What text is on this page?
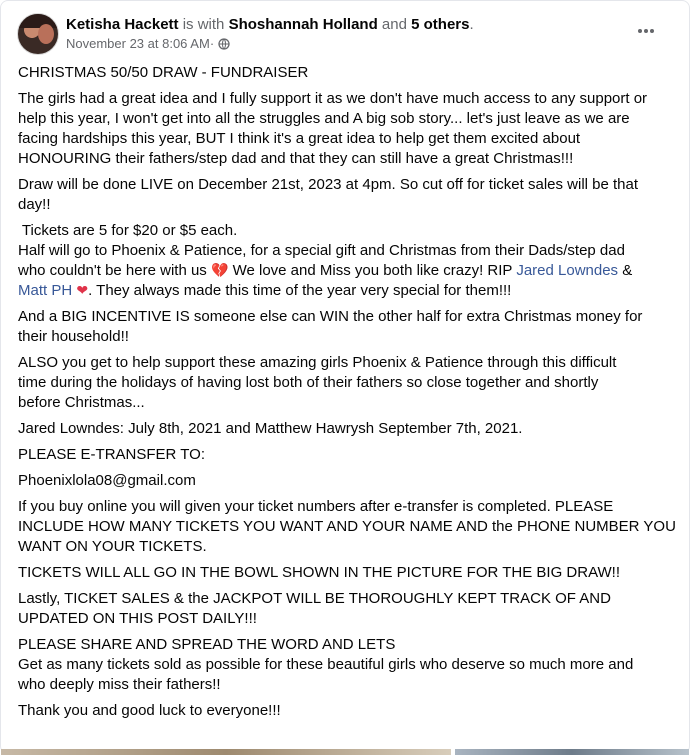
Ketisha Hackett is with Shoshannah Holland and 5 others.
November 23 at 8:06 AM ·

CHRISTMAS 50/50 DRAW - FUNDRAISER

The girls had a great idea and I fully support it as we don't have much access to any support or
help this year, I won't get into all the struggles and A big sob story... let's just leave as we are
facing hardships this year, BUT I think it's a great idea to help get them excited about
HONOURING their fathers/step dad and that they can still have a great Christmas!!!

Draw will be done LIVE on December 21st, 2023 at 4pm. So cut off for ticket sales will be that
day!!

Tickets are 5 for $20 or $5 each.
Half will go to Phoenix & Patience, for a special gift and Christmas from their Dads/step dad
who couldn't be here with us 💔 We love and Miss you both like crazy! RIP Jared Lowndes &
Matt PH ❤. They always made this time of the year very special for them!!!

And a BIG INCENTIVE IS someone else can WIN the other half for extra Christmas money for
their household!!

ALSO you get to help support these amazing girls Phoenix & Patience through this difficult
time during the holidays of having lost both of their fathers so close together and shortly
before Christmas...

Jared Lowndes: July 8th, 2021 and Matthew Hawrysh September 7th, 2021.

PLEASE E-TRANSFER TO:

Phoenixlola08@gmail.com

If you buy online you will given your ticket numbers after e-transfer is completed. PLEASE
INCLUDE HOW MANY TICKETS YOU WANT AND YOUR NAME AND the PHONE NUMBER YOU
WANT ON YOUR TICKETS.

TICKETS WILL ALL GO IN THE BOWL SHOWN IN THE PICTURE FOR THE BIG DRAW!!

Lastly, TICKET SALES & the JACKPOT WILL BE THOROUGHLY KEPT TRACK OF AND
UPDATED ON THIS POST DAILY!!!

PLEASE SHARE AND SPREAD THE WORD AND LETS
Get as many tickets sold as possible for these beautiful girls who deserve so much more and
who deeply miss their fathers!!

Thank you and good luck to everyone!!!
